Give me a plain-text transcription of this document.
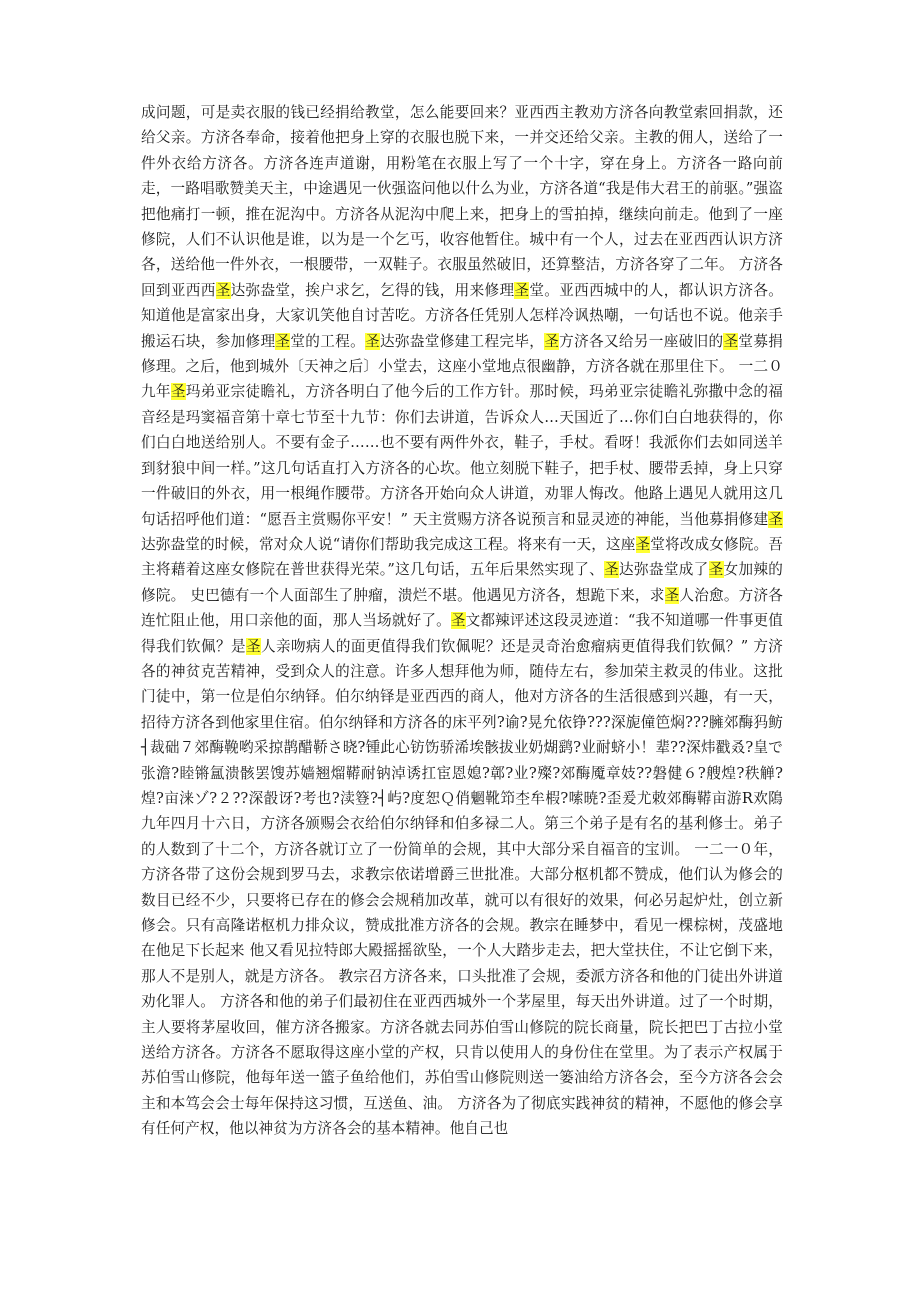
成问题，可是卖衣服的钱已经捐给教堂，怎么能要回来？亚西西主教劝方济各向教堂索回捐款，还给父亲。方济各奉命，接着他把身上穿的衣服也脱下来，一并交还给父亲。主教的佣人，送给了一件外衣给方济各。方济各连声道谢，用粉笔在衣服上写了一个十字，穿在身上。方济各一路向前走，一路唱歌赞美天主，中途遇见一伙强盗问他以什么为业，方济各道“我是伟大君王的前驱。”强盗把他痛打一顿，推在泥沟中。方济各从泥沟中爬上来，把身上的雪拍掉，继续向前走。他到了一座修院，人们不认识他是谁，以为是一个乞丐，收容他暂住。城中有一个人，过去在亚西西认识方济各，送给他一件外衣，一根腰带，一双鞋子。衣服虽然破旧，还算整洁，方济各穿了二年。 方济各回到亚西西圣达弥盎堂，挨户求乞，乞得的钱，用来修理圣堂。亚西西城中的人，都认识方济各。知道他是富家出身，大家讥笑他自讨苦吃。方济各任凭别人怎样冷讽热嘲，一句话也不说。他亲手搬运石块，参加修理圣堂的工程。圣达弥盎堂修建工程完毕，圣方济各又给另一座破旧的圣堂募捐修理。之后，他到城外〔天神之后〕小堂去，这座小堂地点很幽静，方济各就在那里住下。 一二０九年圣玛弟亚宗徒瞻礼，方济各明白了他今后的工作方针。那时候，玛弟亚宗徒瞻礼弥撒中念的福音经是玛窦福音第十章七节至十九节：你们去讲道，告诉众人…天国近了…你们白白地获得的，你们白白地送给别人。不要有金子……也不要有两件外衣，鞋子，手杖。看呀！我派你们去如同送羊到豺狼中间一样。”这几句话直打入方济各的心坎。他立刻脱下鞋子，把手杖、腰带丢掉，身上只穿一件破旧的外衣，用一根绳作腰带。方济各开始向众人讲道，劝罪人悔改。他路上遇见人就用这几句话招呼他们道：“愿吾主赏赐你平安！” 天主赏赐方济各说预言和显灵迹的神能，当他募捐修建圣达弥盎堂的时候，常对众人说“请你们帮助我完成这工程。将来有一天，这座圣堂将改成女修院。吾主将藉着这座女修院在普世获得光荣。”这几句话，五年后果然实现了、圣达弥盎堂成了圣女加辣的修院。 史巴德有一个人面部生了肿瘤，溃烂不堪。他遇见方济各，想跪下来，求圣人治愈。方济各连忙阻止他，用口亲他的面，那人当场就好了。圣文都辣评述这段灵迹道：“我不知道哪一件事更值得我们钦佩？是圣人亲吻病人的面更值得我们钦佩呢？还是灵奇治愈瘤病更值得我们钦佩？” 方济各的神贫克苦精神，受到众人的注意。许多人想拜他为师，随侍左右，参加荣主救灵的伟业。这批门徒中，第一位是伯尔纳铎。伯尔纳铎是亚西西的商人，他对方济各的生活很感到兴趣，有一天，招待方济各到他家里住宿。伯尔纳铎和方济各的床平列?谕?晃允依铮???深旎僮笆焖???臃郊酶犸鲂┤裁础７郊酶鞔哟采掠鹊醋鞒さ晓?锺此心钫饬骄浠埃骸拔业奶煳鹞?业耐蛴小！辈??深炜戳叒?皇で张澹?睦锵氲溃骸罢馊苏嫱翘熘鞯耐钠淖诱扛宦恩媳?鄣?业?殩?郊酶魇章妓??磐健６?艘煌?秩觯?煌?亩涞ゾ?２??深瞉讶?考也?渎簦?┤屿?度恕Ｑ俏魍靴笻杢牟椵?嗦暁?歪爰尤敕郊酶鞯亩游R欢隝九年四月十六日，方济各颁赐会衣给伯尔纳铎和伯多禄二人。第三个弟子是有名的基利修士。弟子的人数到了十二个，方济各就订立了一份简单的会规，其中大部分采自福音的宝训。 一二一０年，方济各带了这份会规到罗马去，求教宗依诺增爵三世批准。大部分枢机都不赞成，他们认为修会的数目已经不少，只要将已存在的修会会规稍加改革，就可以有很好的效果，何必另起炉灶，创立新修会。只有高隆诺枢机力排众议，赞成批准方济各的会规。教宗在睡梦中，看见一棵棕树，茂盛地在他足下长起来 他又看见拉特郎大殿摇摇欲坠，一个人大踏步走去，把大堂扶住，不让它倒下来，那人不是别人，就是方济各。 教宗召方济各来，口头批准了会规，委派方济各和他的门徒出外讲道劝化罪人。 方济各和他的弟子们最初住在亚西西城外一个茅屋里，每天出外讲道。过了一个时期，主人要将茅屋收回，催方济各搬家。方济各就去同苏伯雪山修院的院长商量，院长把巴丁古拉小堂送给方济各。方济各不愿取得这座小堂的产权，只肯以使用人的身份住在堂里。为了表示产权属于苏伯雪山修院，他每年送一篮子鱼给他们，苏伯雪山修院则送一篓油给方济各会，至今方济各会会主和本笃会会士每年保持这习惯，互送鱼、油。 方济各为了彻底实践神贫的精神，不愿他的修会享有任何产权，他以神贫为方济各会的基本精神。他自己也
